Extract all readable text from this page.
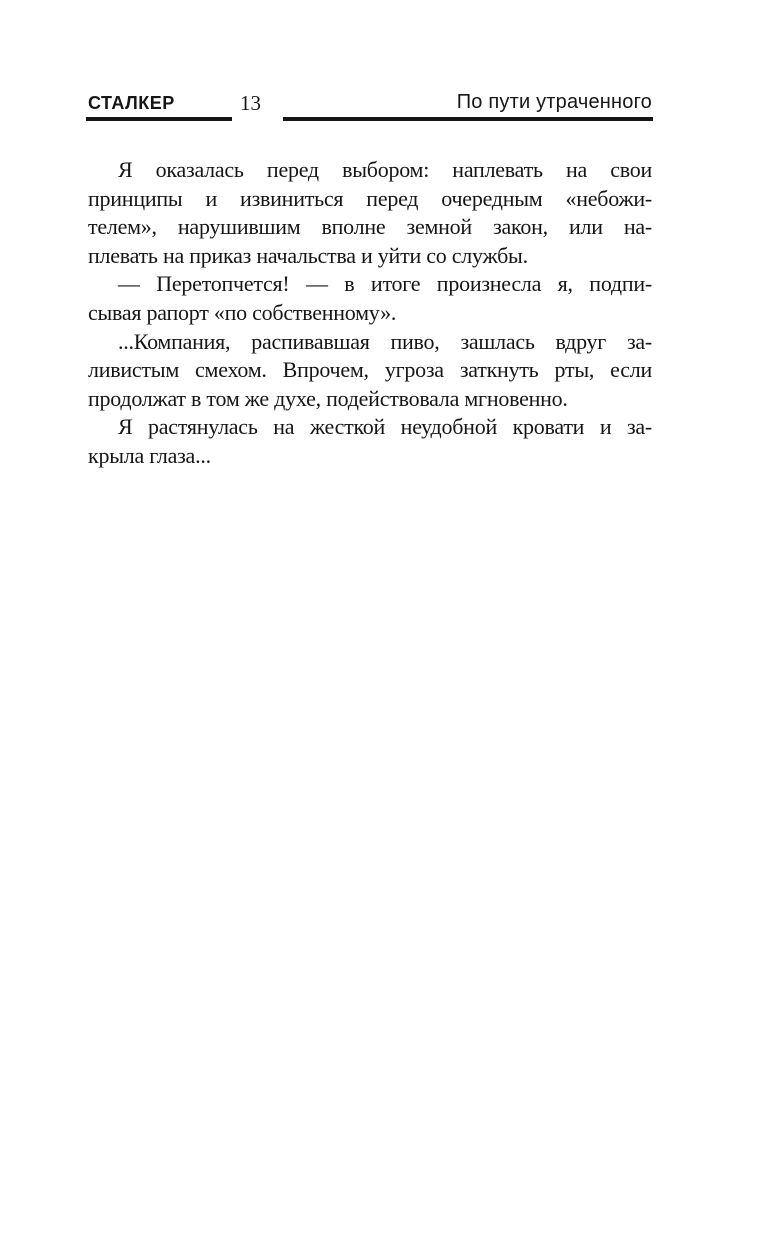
СТАЛКЕР	13	По пути утраченного
Я оказалась перед выбором: наплевать на свои
принципы и извиниться перед очередным «небожи-
телем», нарушившим вполне земной закон, или на-
плевать на приказ начальства и уйти со службы.
— Перетопчется! — в итоге произнесла я, подпи-
сывая рапорт «по собственному».
...Компания, распивавшая пиво, зашлась вдруг за-
ливистым смехом. Впрочем, угроза заткнуть рты, если
продолжат в том же духе, подействовала мгновенно.
Я растянулась на жесткой неудобной кровати и за-
крыла глаза...
